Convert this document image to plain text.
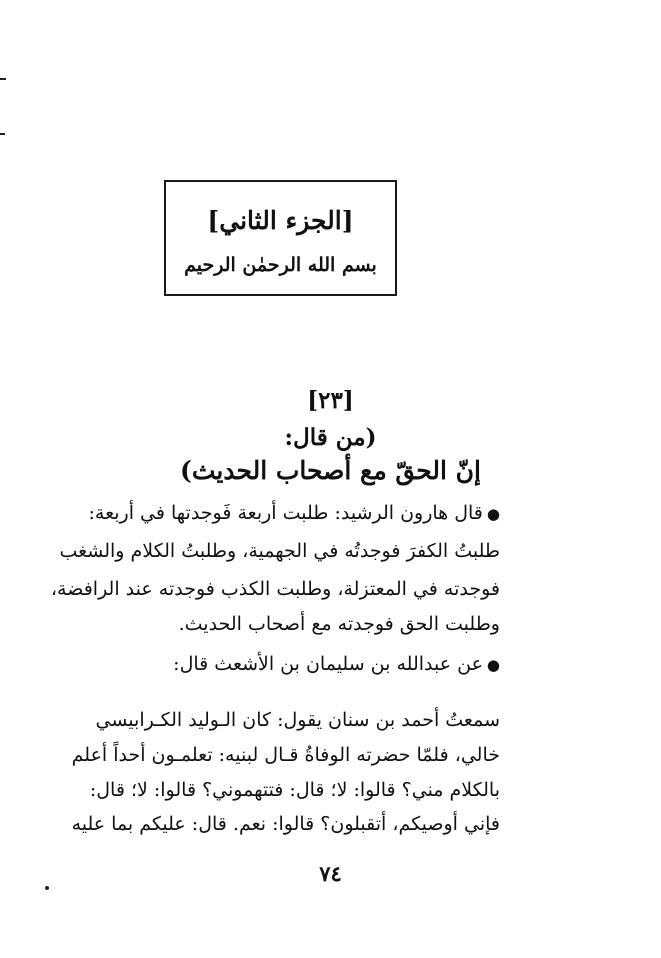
[الجزء الثاني]
بسم الله الرحمٰن الرحيم
[٢٣]
(من قال:
إنّ الحقّ مع أصحاب الحديث)
●قال هارون الرشيد: طلبت أربعة فَوجدتها في أربعة:
طلبتُ الكفرَ فوجدتُه في الجهمية، وطلبتُ الكلام والشغب
فوجدته في المعتزلة، وطلبت الكذب فوجدته عند الرافضة،
وطلبت الحق فوجدته مع أصحاب الحديث.
●عن عبدالله بن سليمان بن الأشعث قال:
سمعتُ أحمد بن سنان يقول: كان الـوليد الكـرابيسي
خالي، فلمّا حضرته الوفاةُ قـال لبنيه: تعلمـون أحداً أعلم
بالكلام مني؟ قالوا: لا؛ قال: فتتهموني؟ قالوا: لا؛ قال:
فإني أوصيكم، أتقبلون؟ قالوا: نعم. قال: عليكم بما عليه
٧٤
